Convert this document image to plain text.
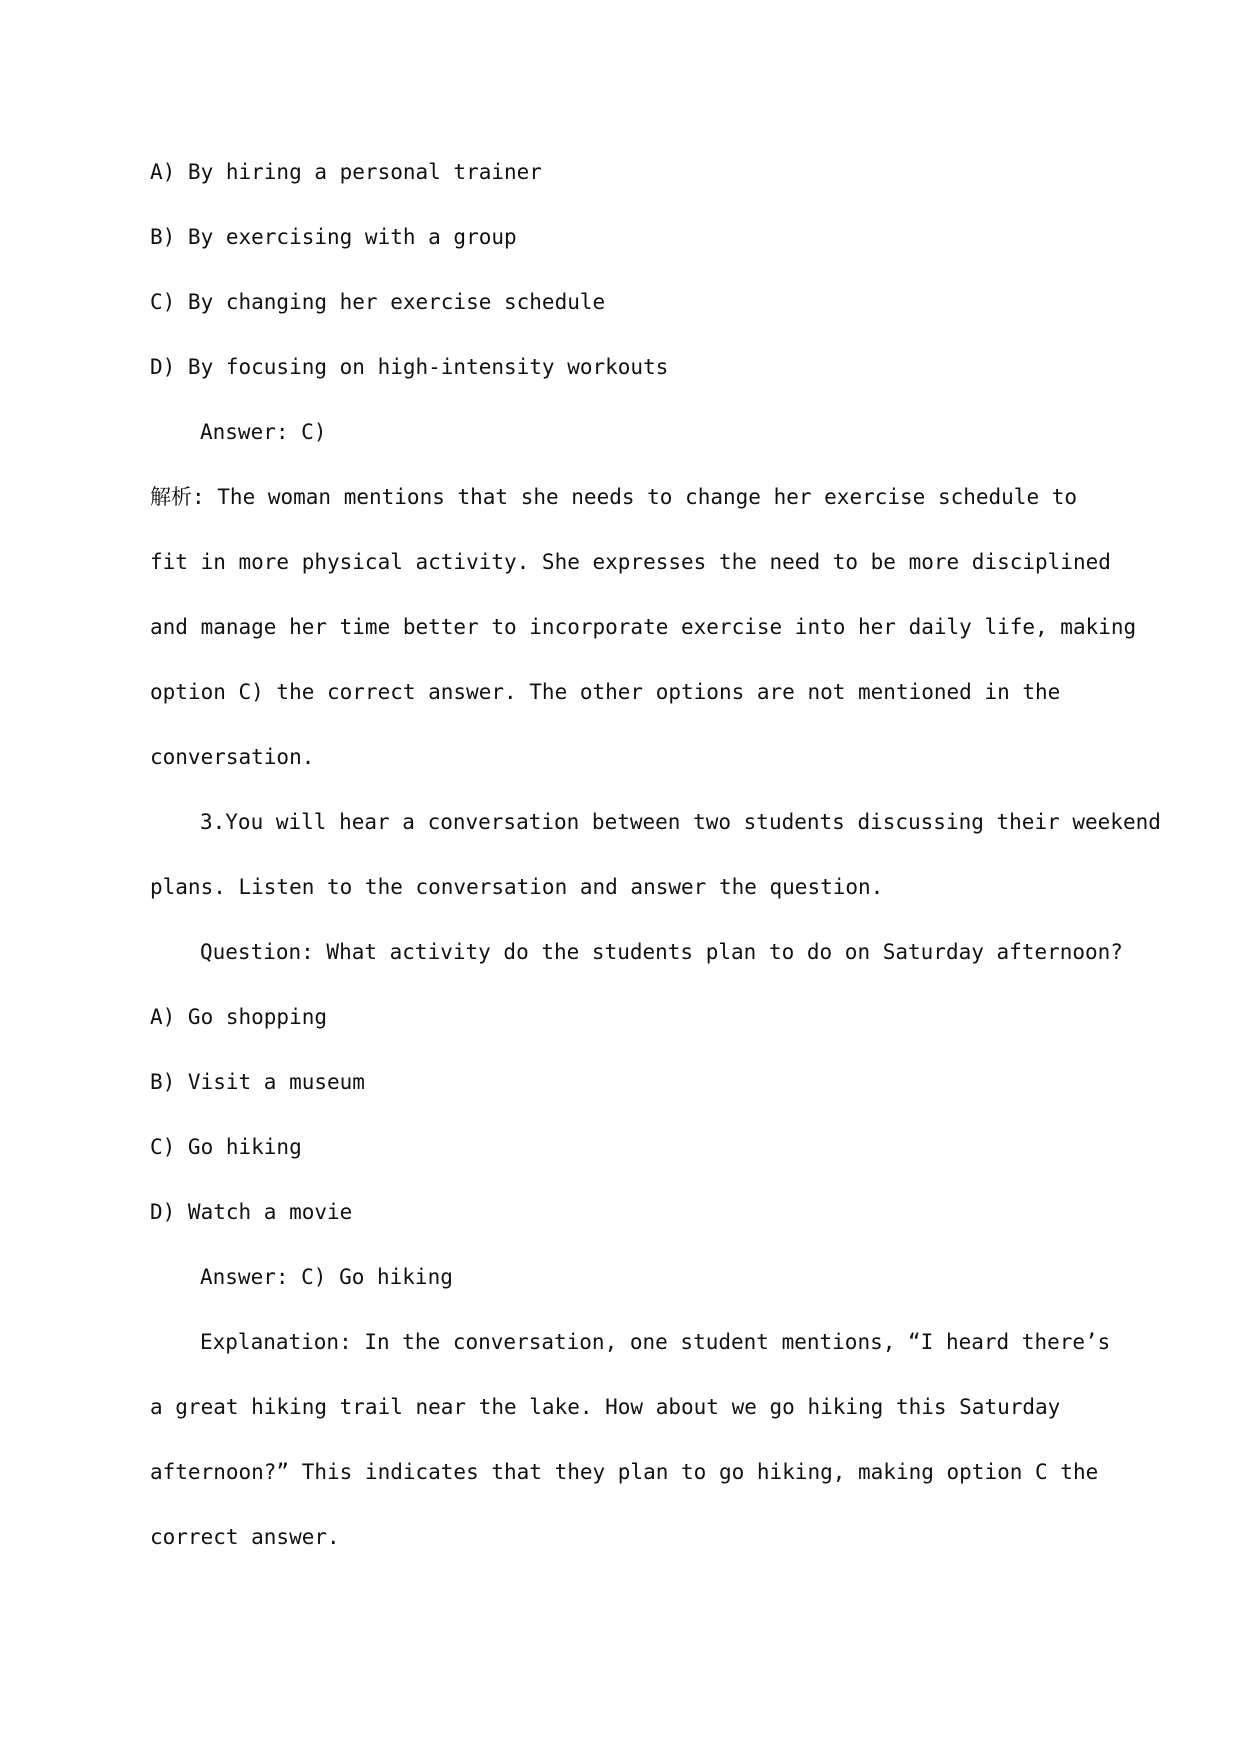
A) By hiring a personal trainer

B) By exercising with a group

C) By changing her exercise schedule

D) By focusing on high-intensity workouts

Answer: C)

解析: The woman mentions that she needs to change her exercise schedule to

fit in more physical activity. She expresses the need to be more disciplined

and manage her time better to incorporate exercise into her daily life, making

option C) the correct answer. The other options are not mentioned in the

conversation.

3.You will hear a conversation between two students discussing their weekend

plans. Listen to the conversation and answer the question.

Question: What activity do the students plan to do on Saturday afternoon?

A) Go shopping

B) Visit a museum

C) Go hiking

D) Watch a movie

Answer: C) Go hiking

Explanation: In the conversation, one student mentions, “I heard there’s

a great hiking trail near the lake. How about we go hiking this Saturday

afternoon?” This indicates that they plan to go hiking, making option C the

correct answer.
